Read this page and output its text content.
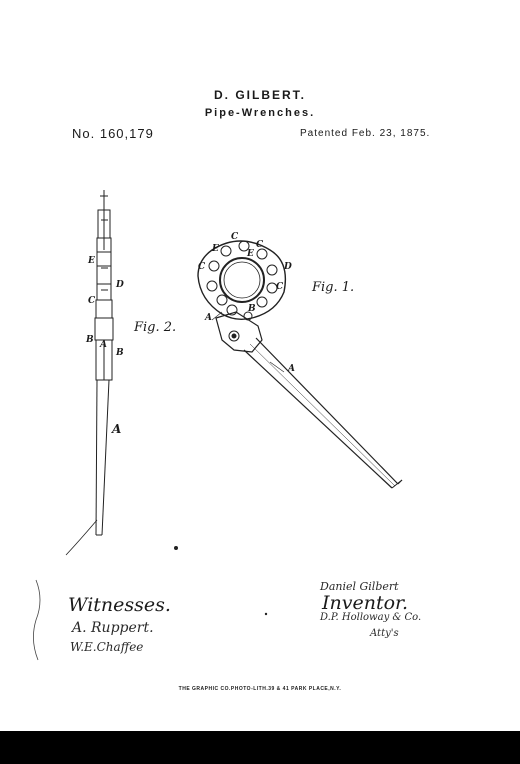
D. GILBERT.
Pipe-Wrenches.
No. 160,179	Patented Feb. 23, 1875.
Fig. 1.
Fig. 2.
C
E	C
E
D
C
C
A
B
A
E
D
C
B A
B
A
Witnesses.	Inventor.
A. Ruppert.
W.E.Chaffee
Daniel Gilbert
D.P. Holloway & Co.
Atty's
THE GRAPHIC CO.PHOTO-LITH.39 & 41 PARK PLACE,N.Y.
